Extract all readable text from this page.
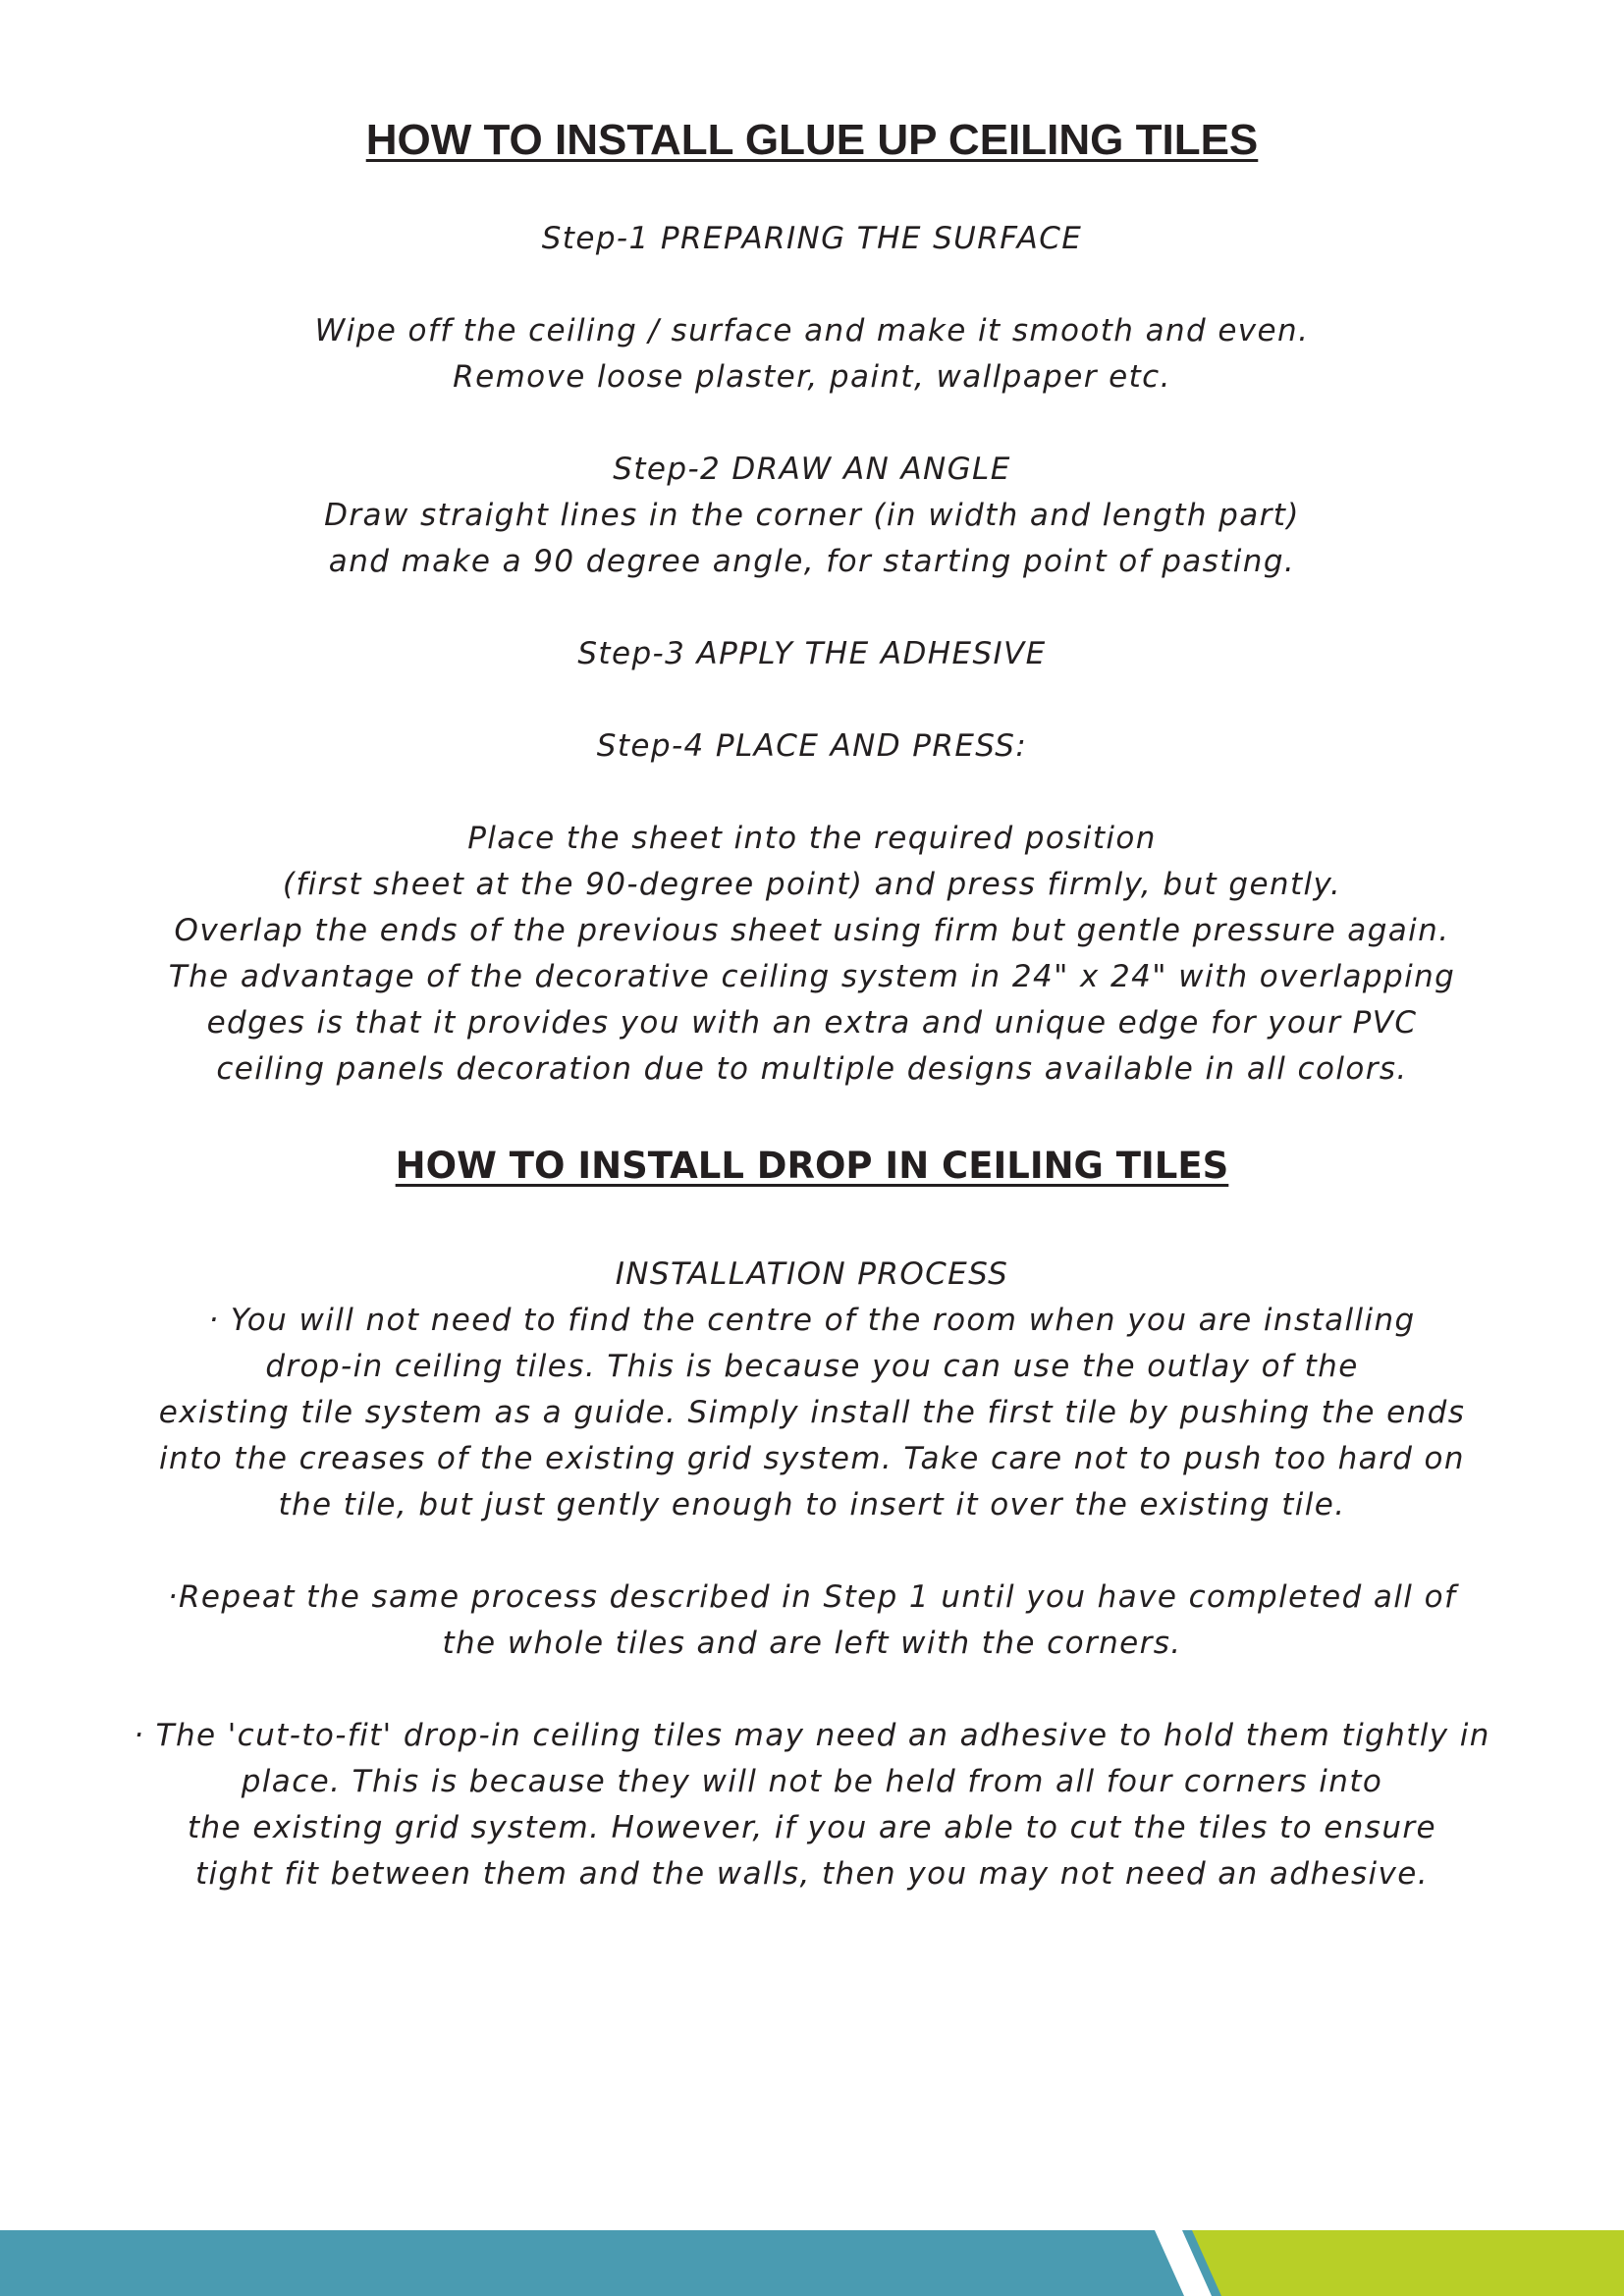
HOW TO INSTALL GLUE UP CEILING TILES

Step-1 PREPARING THE SURFACE

Wipe off the ceiling / surface and make it smooth and even.

Remove loose plaster, paint, wallpaper etc.

Step-2 DRAW AN ANGLE

Draw straight lines in the corner (in width and length part)

and make a 90 degree angle, for starting point of pasting.

Step-3 APPLY THE ADHESIVE

Step-4 PLACE AND PRESS:

Place the sheet into the required position

(first sheet at the 90-degree point) and press firmly, but gently.

Overlap the ends of the previous sheet using firm but gentle pressure again.

The advantage of the decorative ceiling system in 24" x 24" with overlapping

edges is that it provides you with an extra and unique edge for your PVC

ceiling panels decoration due to multiple designs available in all colors.

HOW TO INSTALL DROP IN CEILING TILES

INSTALLATION PROCESS

· You will not need to find the centre of the room when you are installing

drop-in ceiling tiles. This is because you can use the outlay of the

existing tile system as a guide. Simply install the first tile by pushing the ends

into the creases of the existing grid system. Take care not to push too hard on

the tile, but just gently enough to insert it over the existing tile.

·Repeat the same process described in Step 1 until you have completed all of

the whole tiles and are left with the corners.

· The 'cut-to-fit' drop-in ceiling tiles may need an adhesive to hold them tightly in

place. This is because they will not be held from all four corners into

the existing grid system. However, if you are able to cut the tiles to ensure

tight fit between them and the walls, then you may not need an adhesive.
